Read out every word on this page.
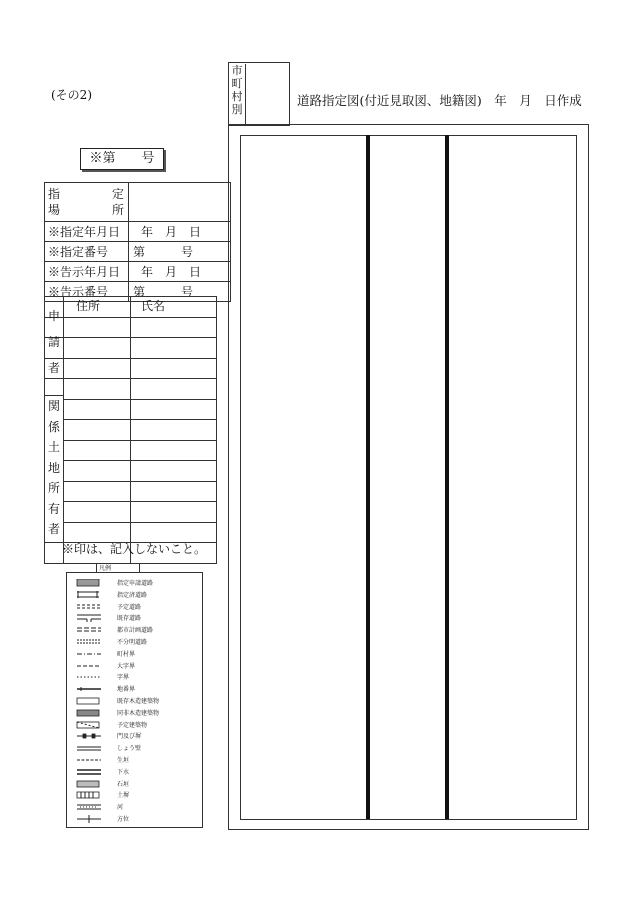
(その2)
※第　　号
指 定
場 所	

※指定年月日	年　月　日
※指定番号	第　　　号
※告示年月日	年　月　日
※告示番号	第　　　号
住所	氏名
申
請
者
関
係
土
地
所
有
者
※印は、記入しないこと。
凡例
指定申請道路
指定済道路
予定道路
既存道路
都市計画道路
不分明道路
町村界
大字界
字界
地番界
既存木造建築物
同非木造建築物
予定建築物
門及び塀
しょう壁
生垣
下水
石垣
土塀
河
方位
市
町
村
別
道路指定図(付近見取図、地籍図)　年　月　日作成
